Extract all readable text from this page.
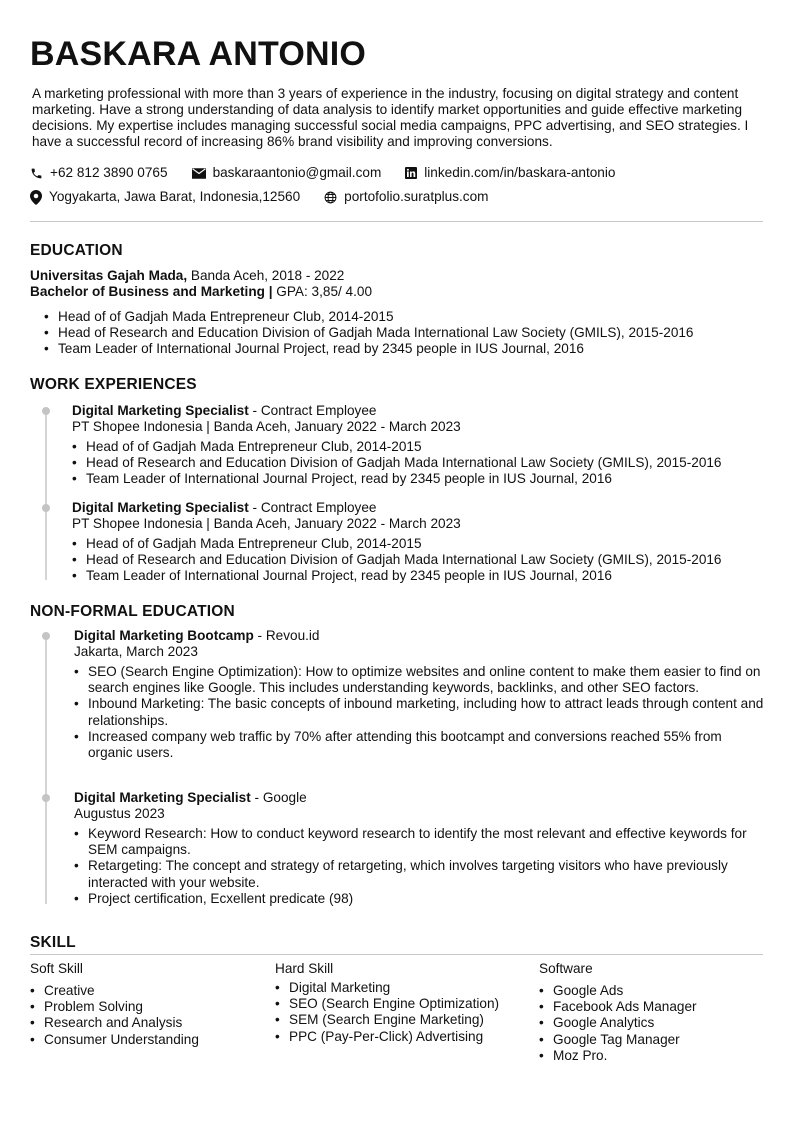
BASKARA ANTONIO

A marketing professional with more than 3 years of experience in the industry, focusing on digital strategy and content marketing. Have a strong understanding of data analysis to identify market opportunities and guide effective marketing decisions. My expertise includes managing successful social media campaigns, PPC advertising, and SEO strategies. I have a successful record of increasing 86% brand visibility and improving conversions.

+62 812 3890 0765	baskaraantonio@gmail.com	linkedin.com/in/baskara-antonio
Yogyakarta, Jawa Barat, Indonesia,12560	portofolio.suratplus.com
EDUCATION
Universitas Gajah Mada, Banda Aceh, 2018 - 2022
Bachelor of Business and Marketing | GPA: 3,85/ 4.00
• Head of of Gadjah Mada Entrepreneur Club, 2014-2015
• Head of Research and Education Division of Gadjah Mada International Law Society (GMILS), 2015-2016
• Team Leader of International Journal Project, read by 2345 people in IUS Journal, 2016
WORK EXPERIENCES
Digital Marketing Specialist - Contract Employee
PT Shopee Indonesia | Banda Aceh, January 2022 - March 2023
• Head of of Gadjah Mada Entrepreneur Club, 2014-2015
• Head of Research and Education Division of Gadjah Mada International Law Society (GMILS), 2015-2016
• Team Leader of International Journal Project, read by 2345 people in IUS Journal, 2016
Digital Marketing Specialist - Contract Employee
PT Shopee Indonesia | Banda Aceh, January 2022 - March 2023
• Head of of Gadjah Mada Entrepreneur Club, 2014-2015
• Head of Research and Education Division of Gadjah Mada International Law Society (GMILS), 2015-2016
• Team Leader of International Journal Project, read by 2345 people in IUS Journal, 2016
NON-FORMAL EDUCATION
Digital Marketing Bootcamp - Revou.id
Jakarta, March 2023
• SEO (Search Engine Optimization): How to optimize websites and online content to make them easier to find on search engines like Google. This includes understanding keywords, backlinks, and other SEO factors.
• Inbound Marketing: The basic concepts of inbound marketing, including how to attract leads through content and relationships.
• Increased company web traffic by 70% after attending this bootcampt and conversions reached 55% from organic users.
Digital Marketing Specialist - Google
Augustus 2023
• Keyword Research: How to conduct keyword research to identify the most relevant and effective keywords for SEM campaigns.
• Retargeting: The concept and strategy of retargeting, which involves targeting visitors who have previously interacted with your website.
• Project certification, Ecxellent predicate (98)
SKILL
Soft Skill
• Creative
• Problem Solving
• Research and Analysis
• Consumer Understanding
Hard Skill
• Digital Marketing
• SEO (Search Engine Optimization)
• SEM (Search Engine Marketing)
• PPC (Pay-Per-Click) Advertising
Software
• Google Ads
• Facebook Ads Manager
• Google Analytics
• Google Tag Manager
• Moz Pro.
